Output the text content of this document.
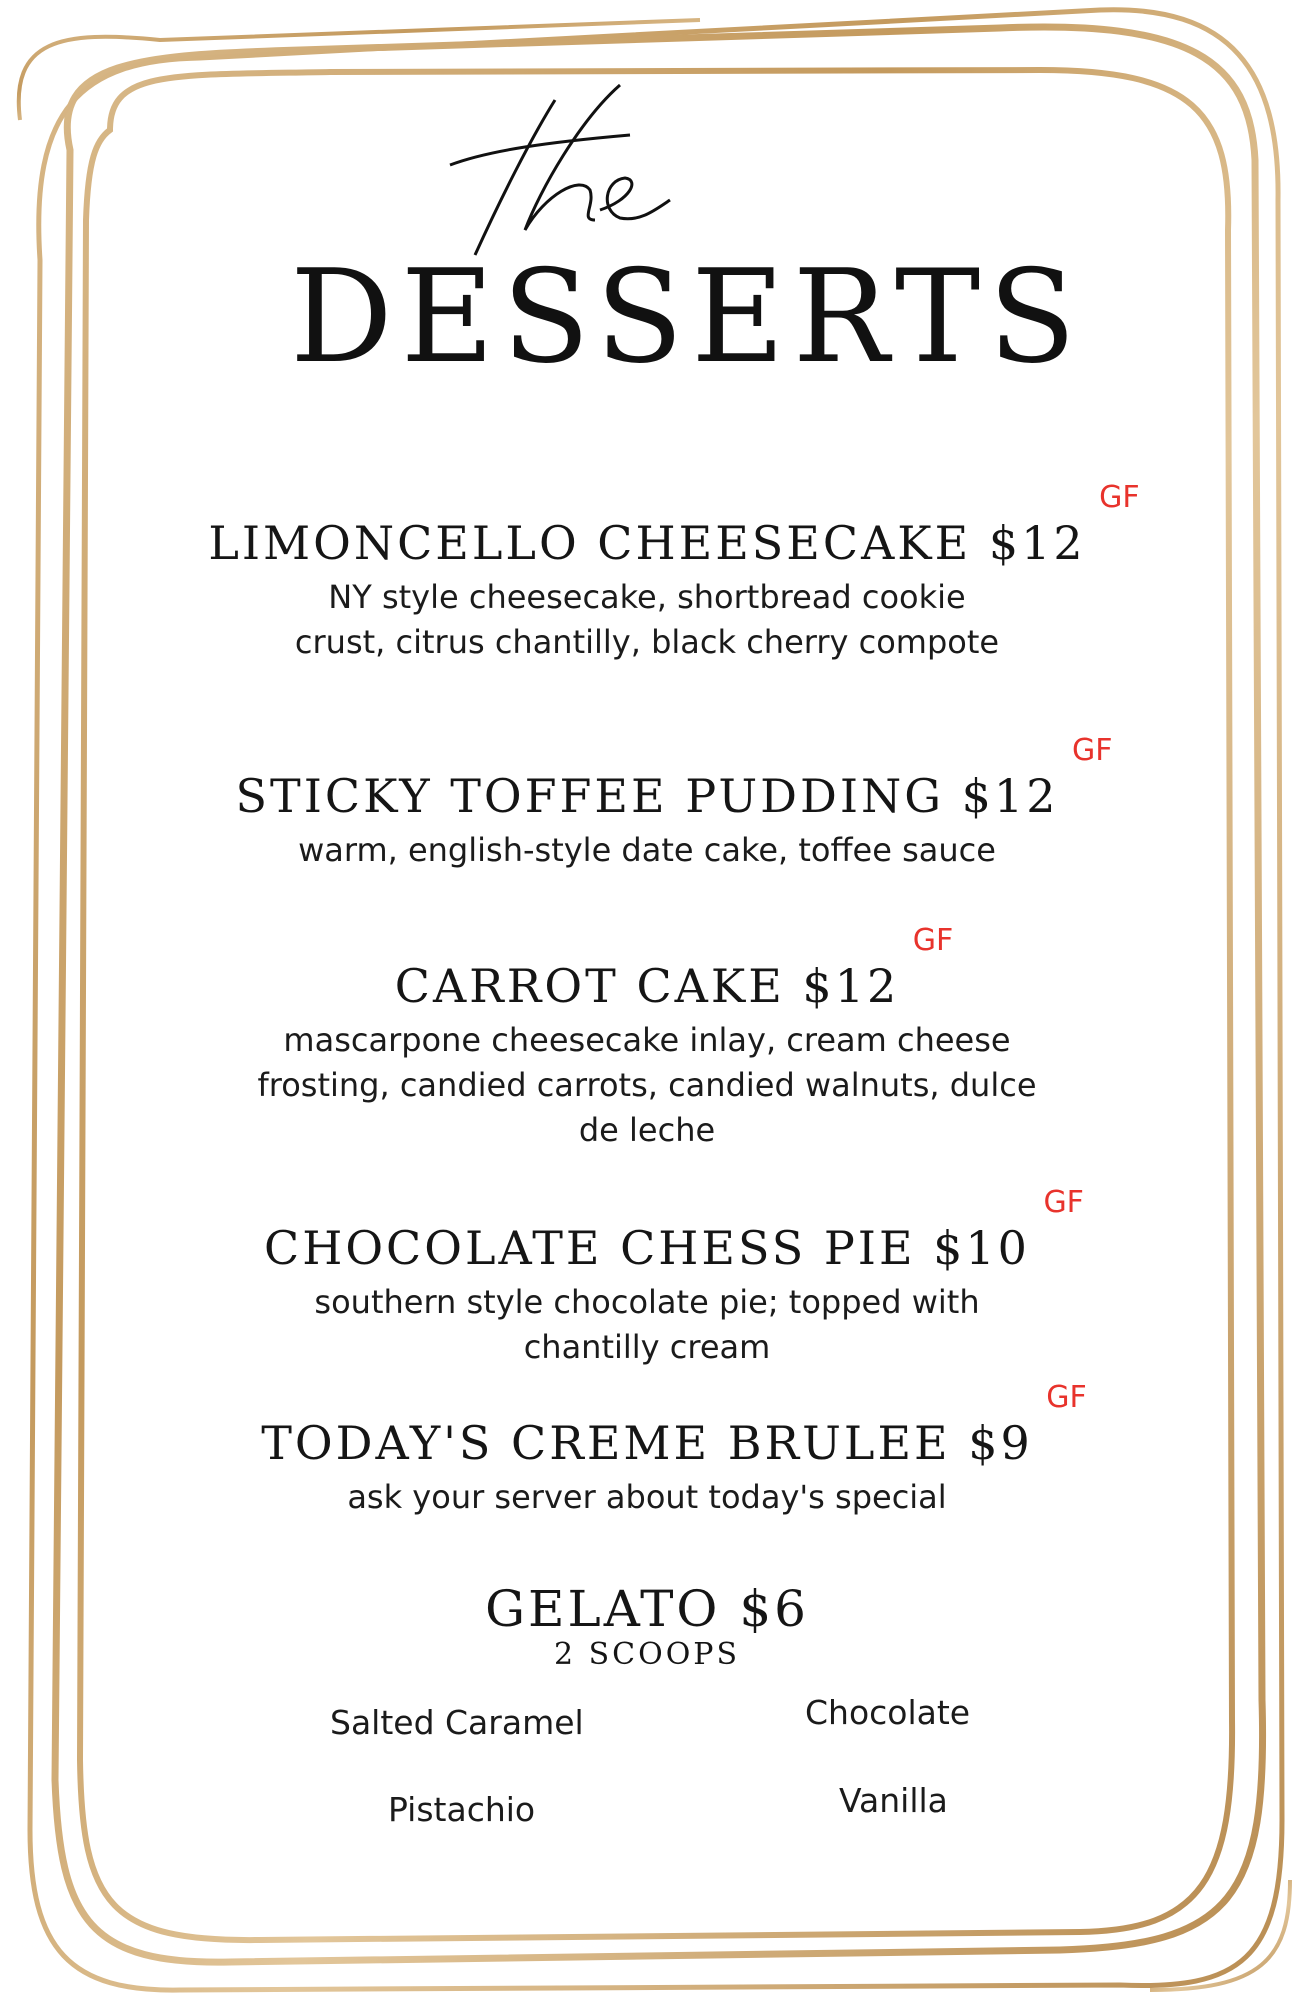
DESSERTS
LIMONCELLO CHEESECAKE $12
GF
NY style cheesecake, shortbread cookie
crust, citrus chantilly, black cherry compote
STICKY TOFFEE PUDDING $12
GF
warm, english-style date cake, toffee sauce
CARROT CAKE $12
GF
mascarpone cheesecake inlay, cream cheese
frosting, candied carrots, candied walnuts, dulce
de leche
CHOCOLATE CHESS PIE $10
GF
southern style chocolate pie; topped with
chantilly cream
TODAY'S CREME BRULEE $9
GF
ask your server about today's special
GELATO $6
2 SCOOPS
Salted Caramel	Chocolate
Pistachio	Vanilla
